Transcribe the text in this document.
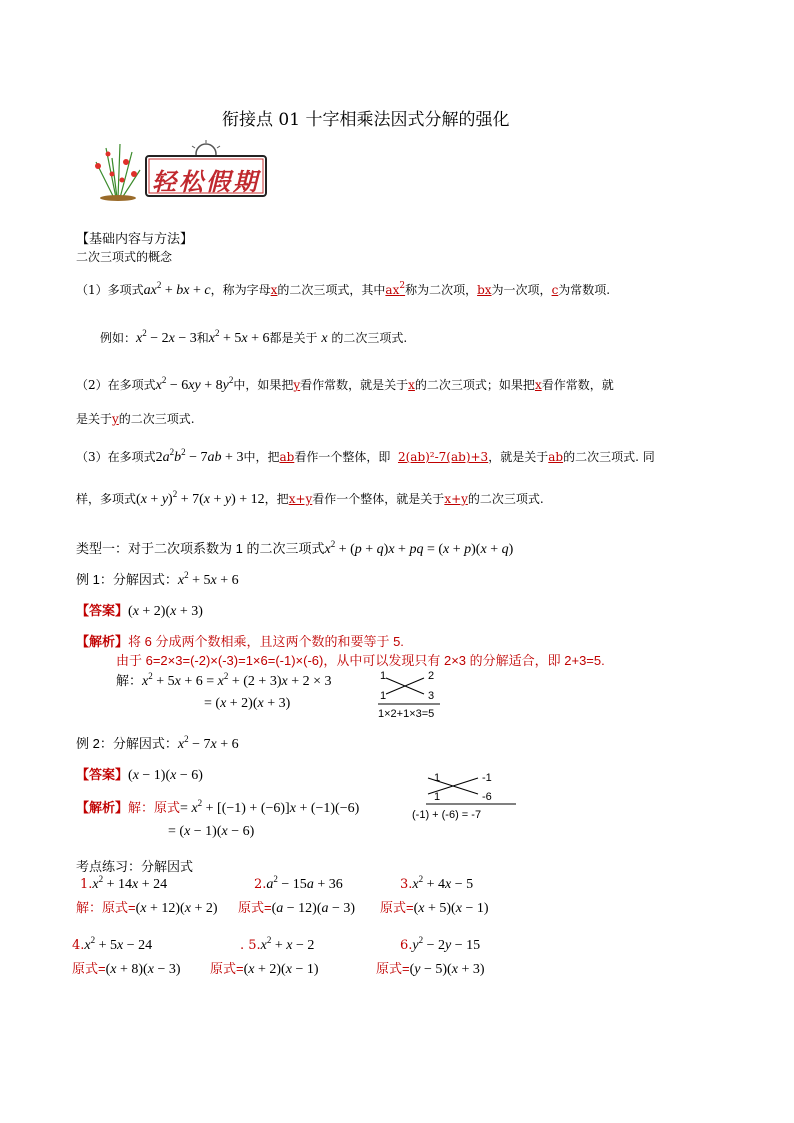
衔接点 01 十字相乘法因式分解的强化
轻松假期
【基础内容与方法】
二次三项式的概念
（1）多项式$ax^2$ + bx + c，称为字母x的二次三项式，其中$ax^2$称为二次项，bx为一次项，c为常数项.
例如：$x^2 - 2x - 3$和$x^2 + 5x + 6$都是关于 x 的二次三项式.
（2）在多项式$x^2 - 6xy + 8y^2$中，如果把y看作常数，就是关于x的二次三项式；如果把x看作常数，就
是关于y的二次三项式.
（3）在多项式$2a^2b^2 - 7ab + 3$中，把ab看作一个整体，即 2(ab)²-7(ab)+3，就是关于ab的二次三项式. 同
样，多项式$(x + y)^2 + 7(x + y) + 12$，把x+y看作一个整体，就是关于x+y的二次三项式.
类型一：对于二次项系数为 1 的二次三项式$x^2 + (p + q)x$ + pq = (x + p)(x + q)
例 1：分解因式：$x^2 + 5x + 6$
【答案】(x + 2)(x + 3)
【解析】将 6 分成两个数相乘，且这两个数的和要等于 5.
由于 6=2×3=(-2)×(-3)=1×6=(-1)×(-6)，从中可以发现只有 2×3 的分解适合，即 2+3=5.
解：$x^2 + 5x + 6 = x^2 + (2 + 3)x + 2 \times 3$
= (x + 2)(x + 3)
1	2
1	3
1×2+1×3=5
例 2：分解因式：$x^2 - 7x + 6$
【答案】(x − 1)(x − 6)
【解析】解：原式= $x^2 + [(-1) + (-6)]x + (-1)(-6)$
= (x − 1)(x − 6)
1	-1
1	-6
(-1) + (-6) = -7
考点练习：分解因式
$1.x^2 + 14x + 24$	$2.a^2 - 15a + 36$	$3.x^2 + 4x - 5$
解：原式=(x + 12)(x + 2) 原式=(a − 12)(a − 3) 原式=(x + 5)(x − 1)
$4.x^2 + 5x - 24$	. $5.x^2 + x - 2$	$6.y^2 - 2y - 15$
原式=(x + 8)(x − 3) 原式=(x + 2)(x − 1)	原式=(y − 5)(x + 3)
